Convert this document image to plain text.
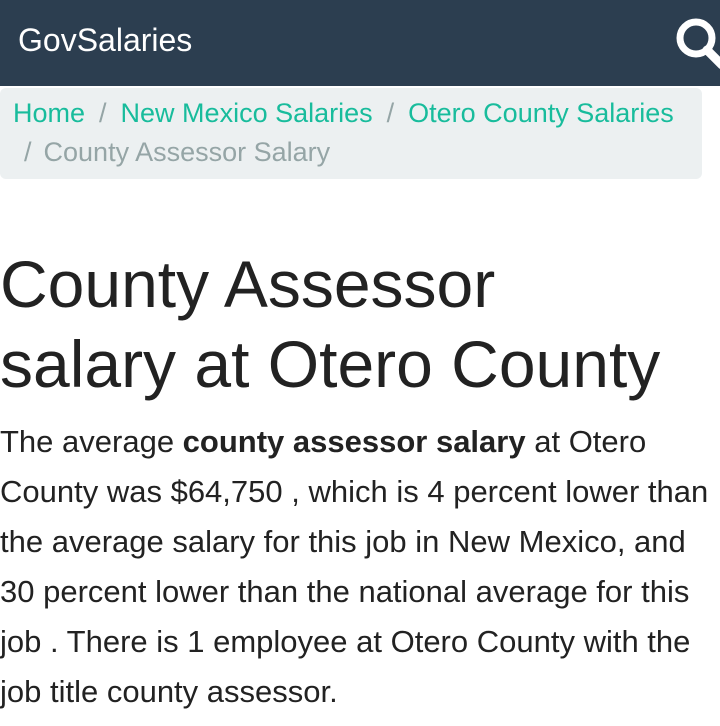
GovSalaries
Home / New Mexico Salaries / Otero County Salaries
/ County Assessor Salary
County Assessor
salary at Otero County

The average county assessor salary at Otero County was $64,750 , which is 4 percent lower than the average salary for this job in New Mexico, and 30 percent lower than the national average for this job . There is 1 employee at Otero County with the job title county assessor.
